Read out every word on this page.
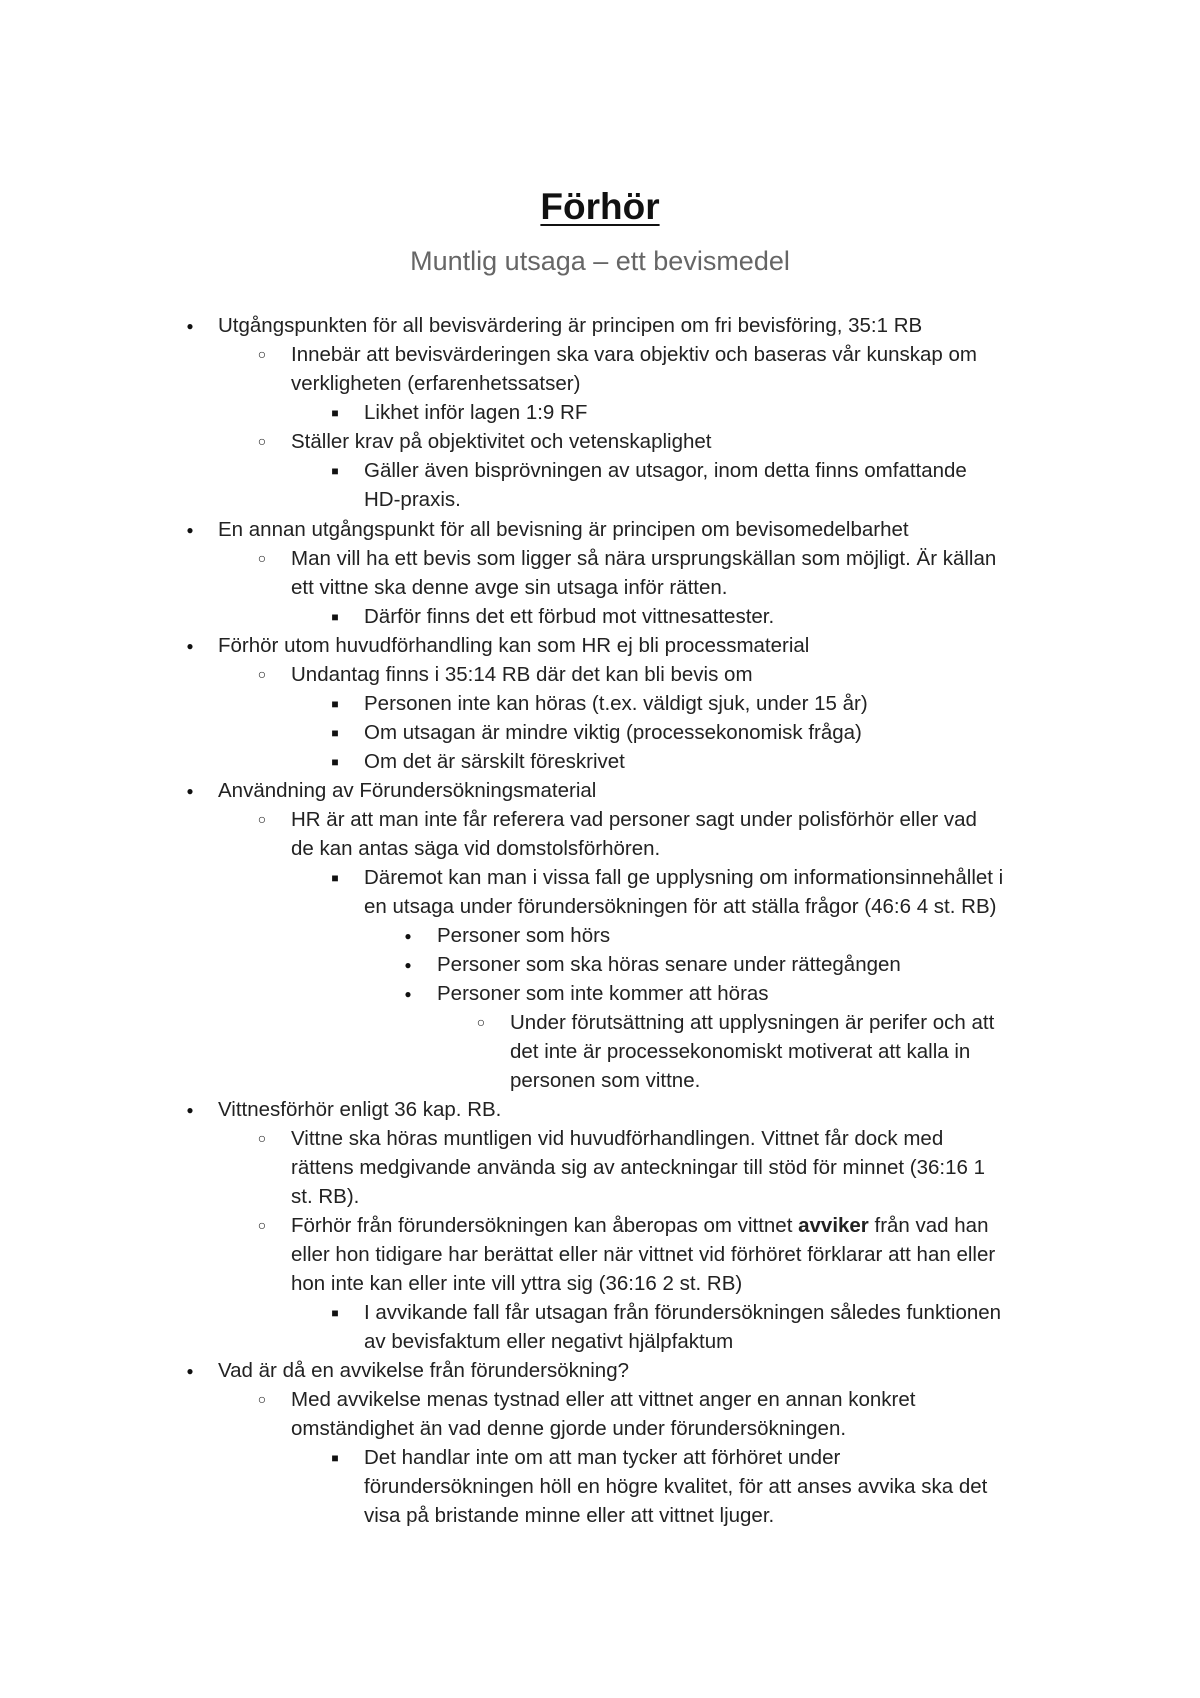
Förhör
Muntlig utsaga – ett bevismedel
●
Utgångspunkten för all bevisvärdering är principen om fri bevisföring, 35:1 RB
○
Innebär att bevisvärderingen ska vara objektiv och baseras vår kunskap om
verkligheten (erfarenhetssatser)
■
Likhet inför lagen 1:9 RF
○
Ställer krav på objektivitet och vetenskaplighet
■
Gäller även bisprövningen av utsagor, inom detta finns omfattande
HD-praxis.
●
En annan utgångspunkt för all bevisning är principen om bevisomedelbarhet
○
Man vill ha ett bevis som ligger så nära ursprungskällan som möjligt. Är källan
ett vittne ska denne avge sin utsaga inför rätten.
■
Därför finns det ett förbud mot vittnesattester.
●
Förhör utom huvudförhandling kan som HR ej bli processmaterial
○
Undantag finns i 35:14 RB där det kan bli bevis om
■
Personen inte kan höras (t.ex. väldigt sjuk, under 15 år)
■
Om utsagan är mindre viktig (processekonomisk fråga)
■
Om det är särskilt föreskrivet
●
Användning av Förundersökningsmaterial
○
HR är att man inte får referera vad personer sagt under polisförhör eller vad
de kan antas säga vid domstolsförhören.
■
Däremot kan man i vissa fall ge upplysning om informationsinnehållet i
en utsaga under förundersökningen för att ställa frågor (46:6 4 st. RB)
●
Personer som hörs
●
Personer som ska höras senare under rättegången
●
Personer som inte kommer att höras
○
Under förutsättning att upplysningen är perifer och att
det inte är processekonomiskt motiverat att kalla in
personen som vittne.
●
Vittnesförhör enligt 36 kap. RB.
○
Vittne ska höras muntligen vid huvudförhandlingen. Vittnet får dock med
rättens medgivande använda sig av anteckningar till stöd för minnet (36:16 1
st. RB).
○
Förhör från förundersökningen kan åberopas om vittnet avviker från vad han
eller hon tidigare har berättat eller när vittnet vid förhöret förklarar att han eller
hon inte kan eller inte vill yttra sig (36:16 2 st. RB)
■
I avvikande fall får utsagan från förundersökningen således funktionen
av bevisfaktum eller negativt hjälpfaktum
●
Vad är då en avvikelse från förundersökning?
○
Med avvikelse menas tystnad eller att vittnet anger en annan konkret
omständighet än vad denne gjorde under förundersökningen.
■
Det handlar inte om att man tycker att förhöret under
förundersökningen höll en högre kvalitet, för att anses avvika ska det
visa på bristande minne eller att vittnet ljuger.
